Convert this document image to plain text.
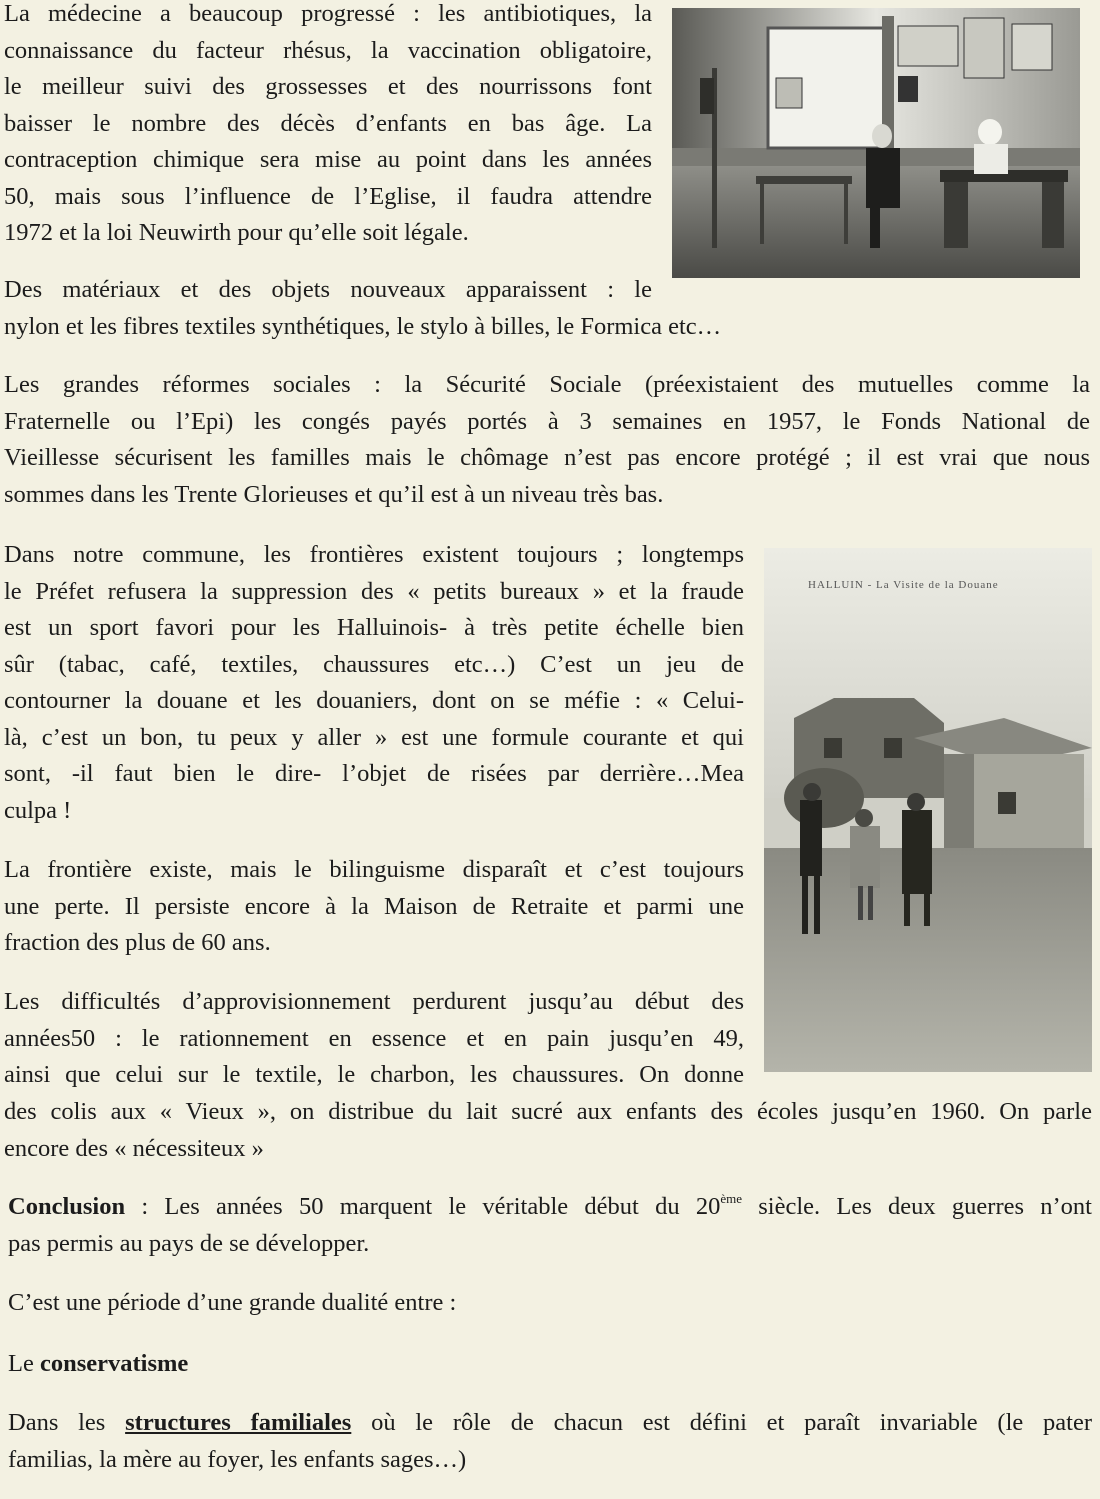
HALLUIN - La Visite de la Douane
La médecine a beaucoup progressé : les antibiotiques, la
connaissance du facteur rhésus, la vaccination obligatoire,
le meilleur suivi des grossesses et des nourrissons font
baisser le nombre des décès d’enfants en bas âge. La
contraception chimique sera mise au point dans les années
50, mais sous l’influence de l’Eglise, il faudra attendre
1972 et la loi Neuwirth pour qu’elle soit légale.
Des matériaux et des objets nouveaux apparaissent : le
nylon et les fibres textiles synthétiques, le stylo à billes, le Formica etc…
Les grandes réformes sociales : la Sécurité Sociale (préexistaient des mutuelles comme la
Fraternelle ou l’Epi) les congés payés portés à 3 semaines en 1957, le Fonds National de
Vieillesse sécurisent les familles mais le chômage n’est pas encore protégé ; il est vrai que nous
sommes dans les Trente Glorieuses et qu’il est à un niveau très bas.
Dans notre commune, les frontières existent toujours ; longtemps
le Préfet refusera la suppression des « petits bureaux » et la fraude
est un sport favori pour les Halluinois- à très petite échelle bien
sûr (tabac, café, textiles, chaussures etc…) C’est un jeu de
contourner la douane et les douaniers, dont on se méfie : « Celui-
là, c’est un bon, tu peux y aller » est une formule courante et qui
sont, -il faut bien le dire- l’objet de risées par derrière…Mea
culpa !
La frontière existe, mais le bilinguisme disparaît et c’est toujours
une perte. Il persiste encore à la Maison de Retraite et parmi une
fraction des plus de 60 ans.
Les difficultés d’approvisionnement perdurent jusqu’au début des
années50 : le rationnement en essence et en pain jusqu’en 49,
ainsi que celui sur le textile, le charbon, les chaussures. On donne
des colis aux « Vieux », on distribue du lait sucré aux enfants des écoles jusqu’en 1960. On parle
encore des « nécessiteux »
Conclusion : Les années 50 marquent le véritable début du 20ème siècle. Les deux guerres n’ont
pas permis au pays de se développer.
C’est une période d’une grande dualité entre :
Le conservatisme
Dans les structures familiales où le rôle de chacun est défini et paraît invariable (le pater
familias, la mère au foyer, les enfants sages…)
